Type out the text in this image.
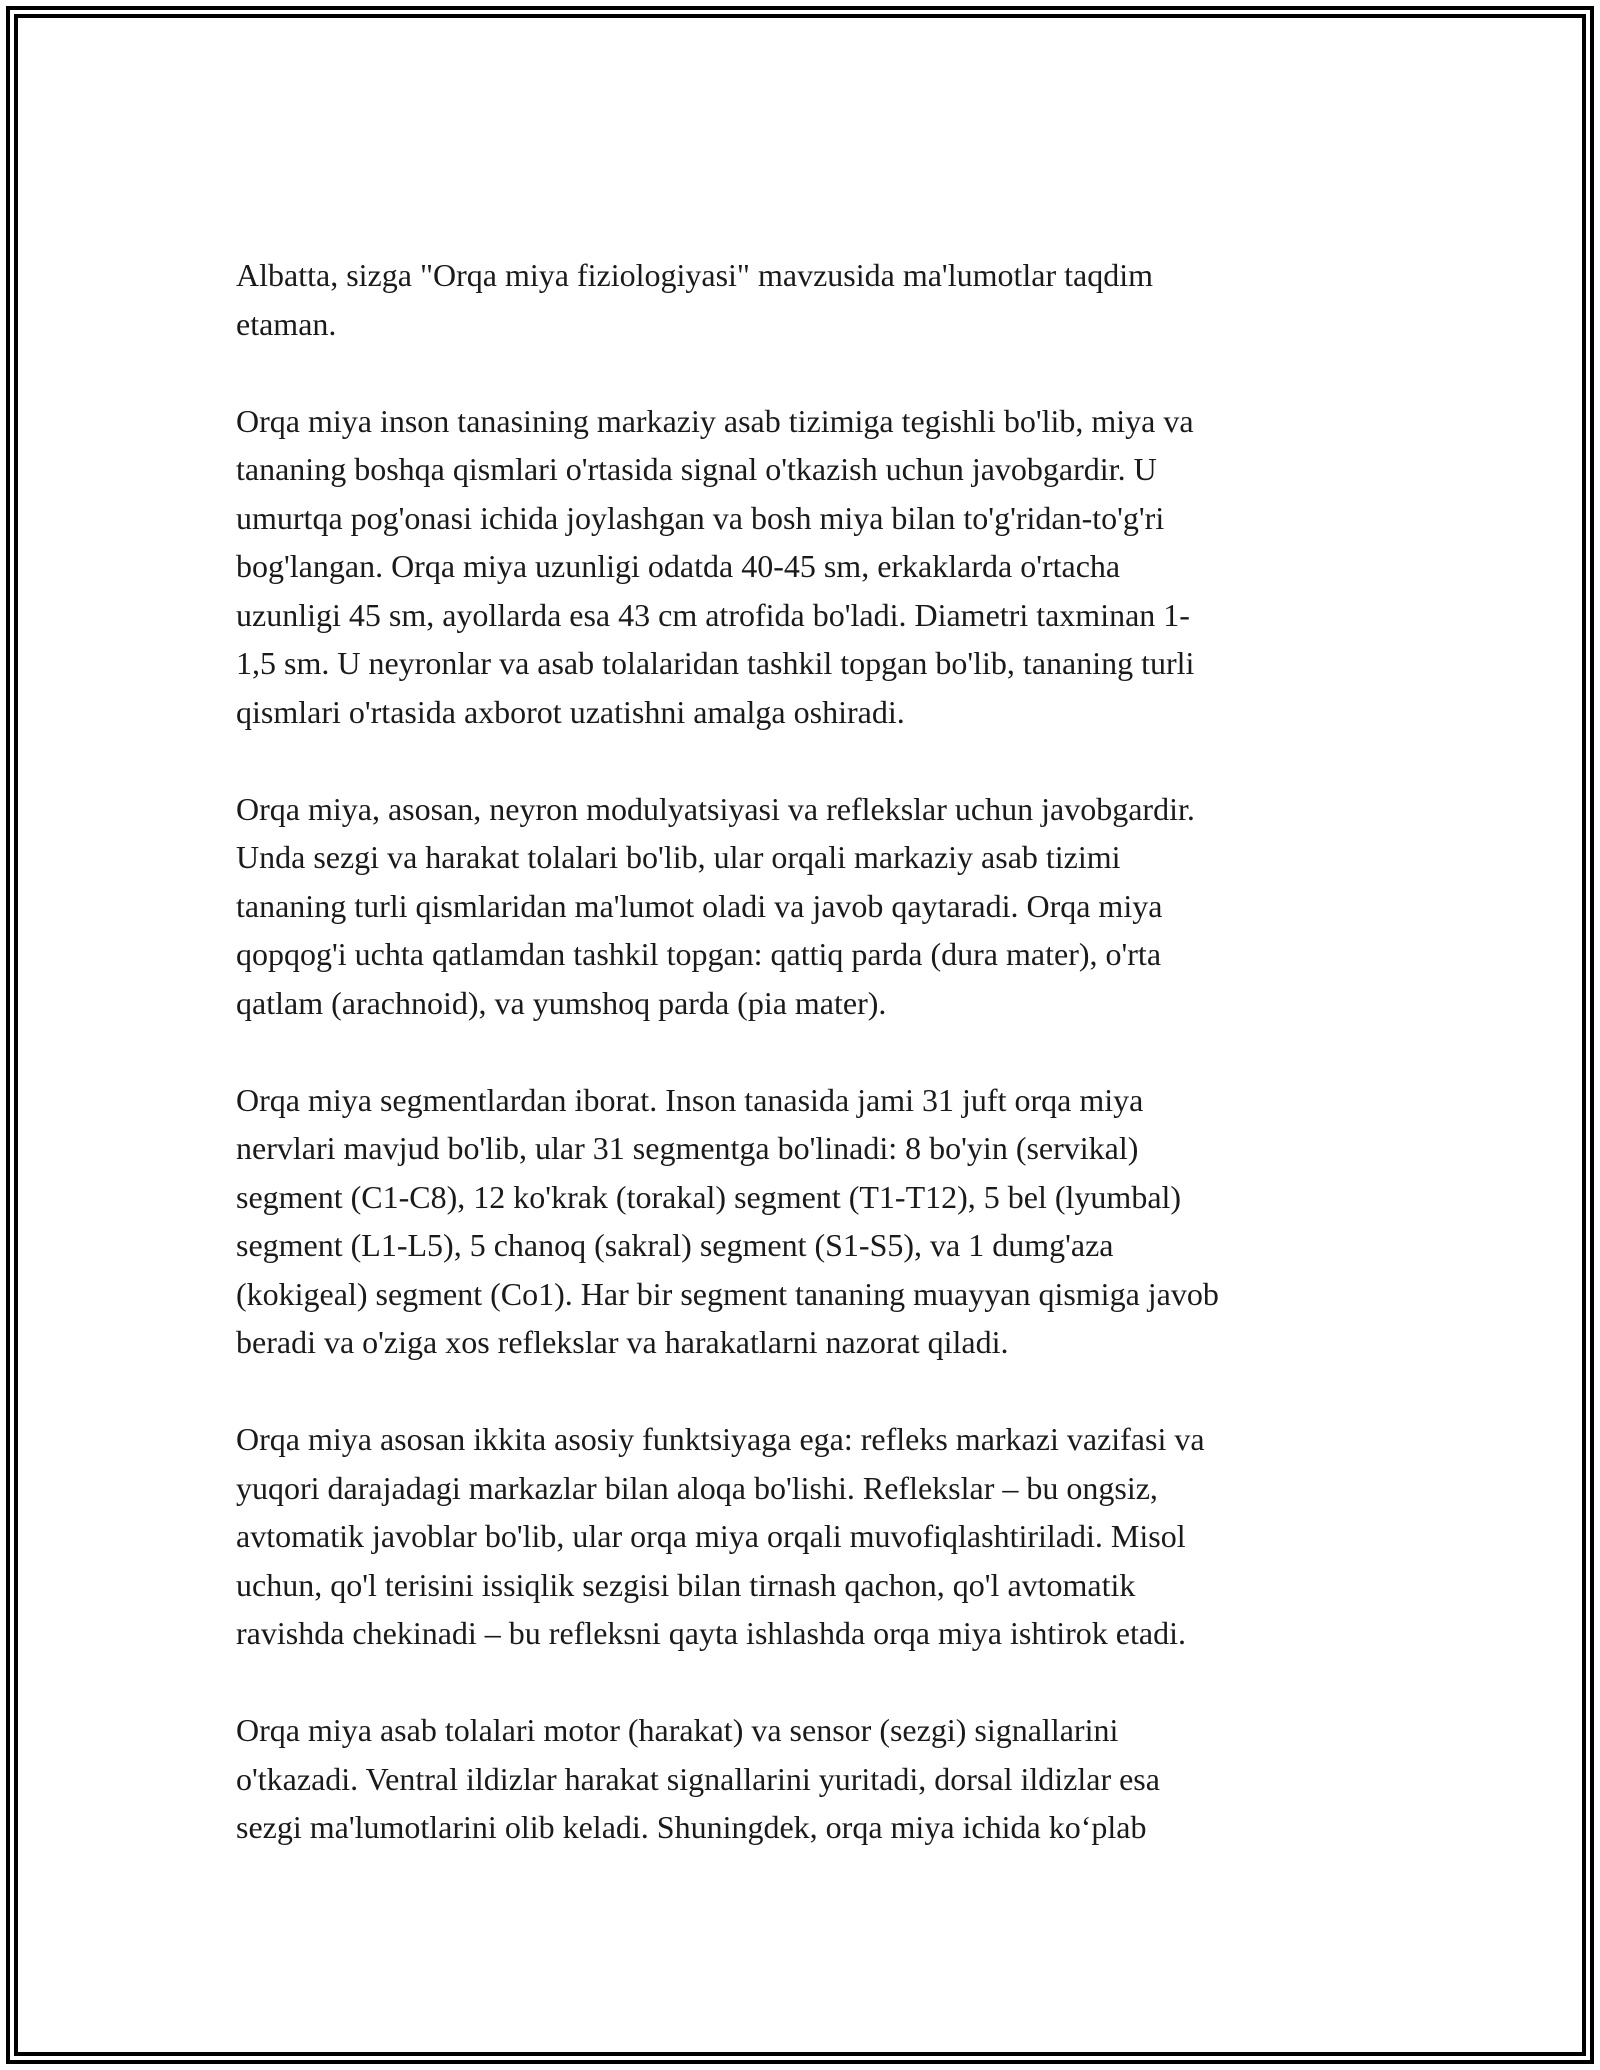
Albatta, sizga "Orqa miya fiziologiyasi" mavzusida ma'lumotlar taqdim
etaman.

Orqa miya inson tanasining markaziy asab tizimiga tegishli bo'lib, miya va
tananing boshqa qismlari o'rtasida signal o'tkazish uchun javobgardir. U
umurtqa pog'onasi ichida joylashgan va bosh miya bilan to'g'ridan-to'g'ri
bog'langan. Orqa miya uzunligi odatda 40-45 sm, erkaklarda o'rtacha
uzunligi 45 sm, ayollarda esa 43 cm atrofida bo'ladi. Diametri taxminan 1-
1,5 sm. U neyronlar va asab tolalaridan tashkil topgan bo'lib, tananing turli
qismlari o'rtasida axborot uzatishni amalga oshiradi.

Orqa miya, asosan, neyron modulyatsiyasi va reflekslar uchun javobgardir.
Unda sezgi va harakat tolalari bo'lib, ular orqali markaziy asab tizimi
tananing turli qismlaridan ma'lumot oladi va javob qaytaradi. Orqa miya
qopqog'i uchta qatlamdan tashkil topgan: qattiq parda (dura mater), o'rta
qatlam (arachnoid), va yumshoq parda (pia mater).

Orqa miya segmentlardan iborat. Inson tanasida jami 31 juft orqa miya
nervlari mavjud bo'lib, ular 31 segmentga bo'linadi: 8 bo'yin (servikal)
segment (C1-C8), 12 ko'krak (torakal) segment (T1-T12), 5 bel (lyumbal)
segment (L1-L5), 5 chanoq (sakral) segment (S1-S5), va 1 dumg'aza
(kokigeal) segment (Co1). Har bir segment tananing muayyan qismiga javob
beradi va o'ziga xos reflekslar va harakatlarni nazorat qiladi.

Orqa miya asosan ikkita asosiy funktsiyaga ega: refleks markazi vazifasi va
yuqori darajadagi markazlar bilan aloqa bo'lishi. Reflekslar – bu ongsiz,
avtomatik javoblar bo'lib, ular orqa miya orqali muvofiqlashtiriladi. Misol
uchun, qo'l terisini issiqlik sezgisi bilan tirnash qachon, qo'l avtomatik
ravishda chekinadi – bu refleksni qayta ishlashda orqa miya ishtirok etadi.

Orqa miya asab tolalari motor (harakat) va sensor (sezgi) signallarini
o'tkazadi. Ventral ildizlar harakat signallarini yuritadi, dorsal ildizlar esa
sezgi ma'lumotlarini olib keladi. Shuningdek, orqa miya ichida ko‘plab
